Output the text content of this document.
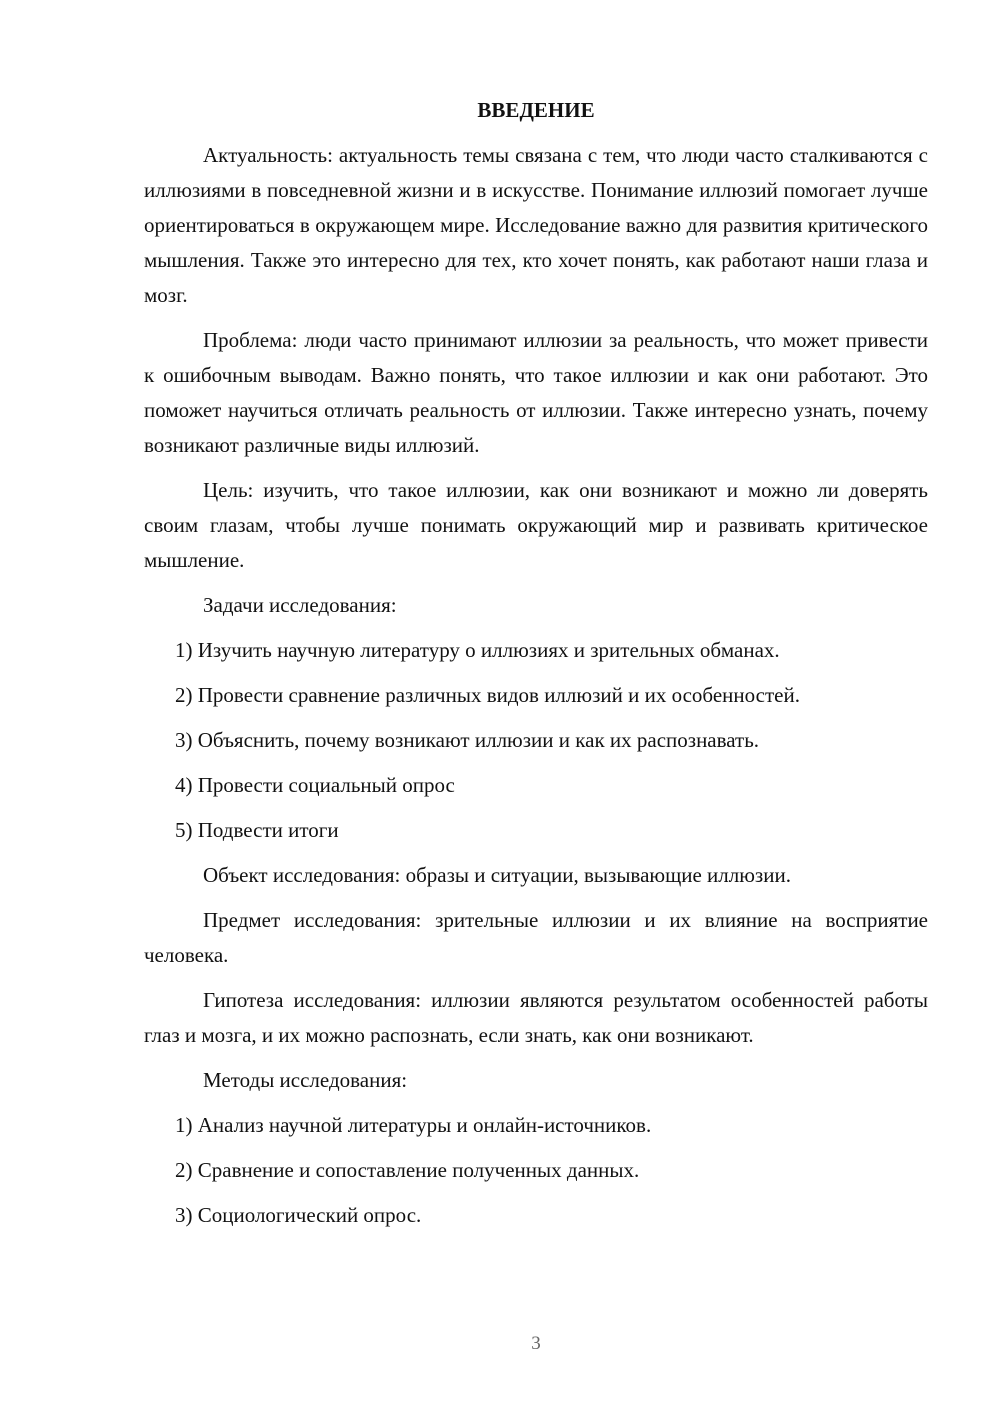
ВВЕДЕНИЕ

Актуальность: актуальность темы связана с тем, что люди часто сталкиваются с иллюзиями в повседневной жизни и в искусстве. Понимание иллюзий помогает лучше ориентироваться в окружающем мире. Исследование важно для развития критического мышления. Также это интересно для тех, кто хочет понять, как работают наши глаза и мозг.

Проблема: люди часто принимают иллюзии за реальность, что может привести к ошибочным выводам. Важно понять, что такое иллюзии и как они работают. Это поможет научиться отличать реальность от иллюзии. Также интересно узнать, почему возникают различные виды иллюзий.

Цель: изучить, что такое иллюзии, как они возникают и можно ли доверять своим глазам, чтобы лучше понимать окружающий мир и развивать критическое мышление.

Задачи исследования:

1) Изучить научную литературу о иллюзиях и зрительных обманах.
2) Провести сравнение различных видов иллюзий и их особенностей.
3) Объяснить, почему возникают иллюзии и как их распознавать.
4) Провести социальный опрос
5) Подвести итоги

Объект исследования: образы и ситуации, вызывающие иллюзии.

Предмет исследования: зрительные иллюзии и их влияние на восприятие человека.

Гипотеза исследования: иллюзии являются результатом особенностей работы глаз и мозга, и их можно распознать, если знать, как они возникают.

Методы исследования:

1) Анализ научной литературы и онлайн-источников.
2) Сравнение и сопоставление полученных данных.
3) Социологический опрос.
3
